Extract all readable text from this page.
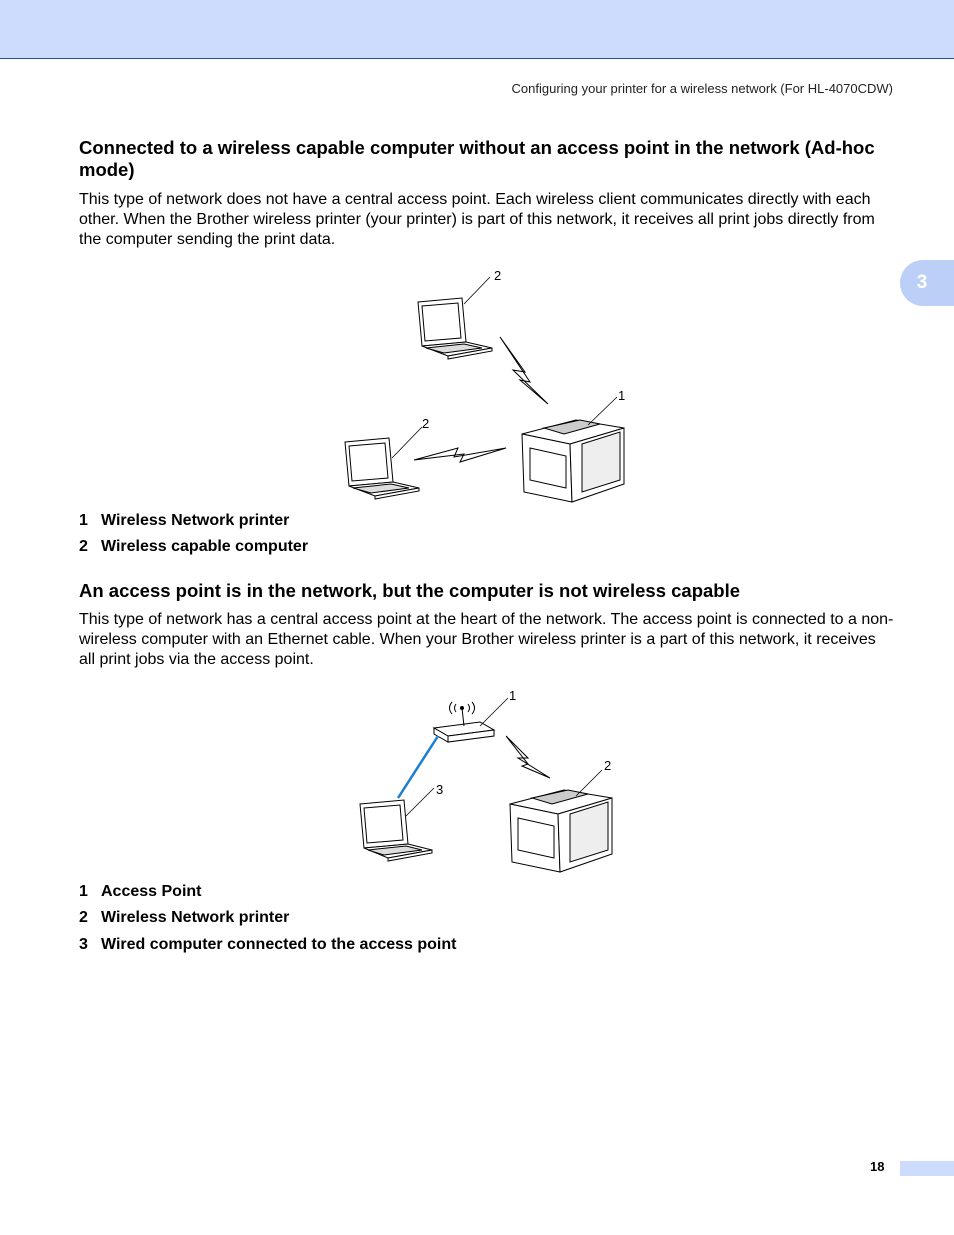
Configuring your printer for a wireless network (For HL-4070CDW)
3
Connected to a wireless capable computer without an access point in the network (Ad-hoc mode)
This type of network does not have a central access point. Each wireless client communicates directly with each other. When the Brother wireless printer (your printer) is part of this network, it receives all print jobs directly from the computer sending the print data.
2
1
2
1 Wireless Network printer
2 Wireless capable computer
An access point is in the network, but the computer is not wireless capable
This type of network has a central access point at the heart of the network. The access point is connected to a non-wireless computer with an Ethernet cable. When your Brother wireless printer is a part of this network, it receives all print jobs via the access point.
1
2
3
1 Access Point
2 Wireless Network printer
3 Wired computer connected to the access point
18
